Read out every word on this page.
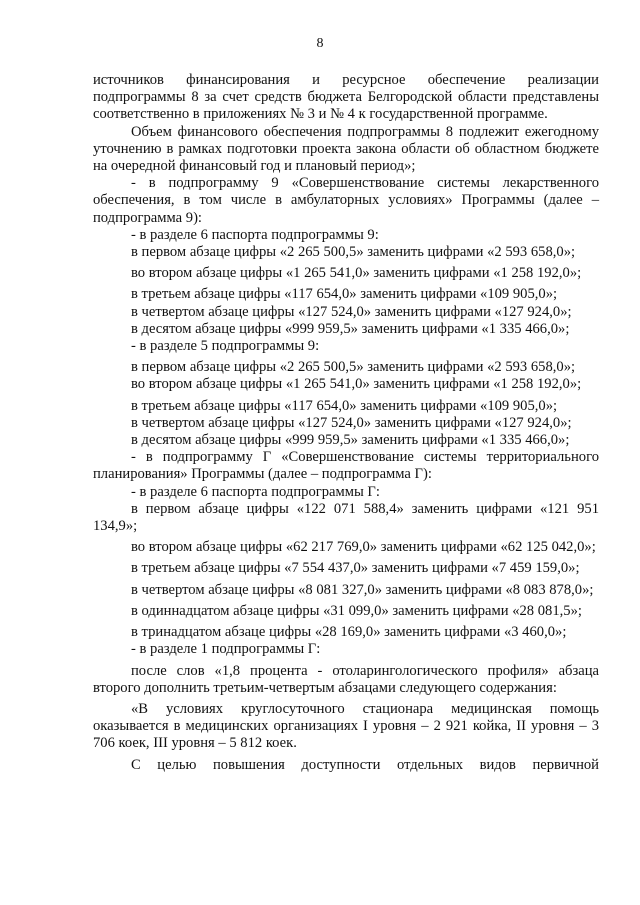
8

источников финансирования и ресурсное обеспечение реализации подпрограммы 8 за счет средств бюджета Белгородской области представлены соответственно в приложениях № 3 и № 4 к государственной программе.

Объем финансового обеспечения подпрограммы 8 подлежит ежегодному уточнению в рамках подготовки проекта закона области об областном бюджете на очередной финансовый год и плановый период»;

- в подпрограмму 9 «Совершенствование системы лекарственного обеспечения, в том числе в амбулаторных условиях» Программы (далее – подпрограмма 9):

- в разделе 6 паспорта подпрограммы 9:

в первом абзаце цифры «2 265 500,5» заменить цифрами «2 593 658,0»;

во втором абзаце цифры «1 265 541,0» заменить цифрами «1 258 192,0»;

в третьем абзаце цифры «117 654,0» заменить цифрами «109 905,0»;

в четвертом абзаце цифры «127 524,0» заменить цифрами «127 924,0»;

в десятом абзаце цифры «999 959,5» заменить цифрами «1 335 466,0»;

- в разделе 5 подпрограммы 9:

в первом абзаце цифры «2 265 500,5» заменить цифрами «2 593 658,0»;

во втором абзаце цифры «1 265 541,0» заменить цифрами «1 258 192,0»;

в третьем абзаце цифры «117 654,0» заменить цифрами «109 905,0»;

в четвертом абзаце цифры «127 524,0» заменить цифрами «127 924,0»;

в десятом абзаце цифры «999 959,5» заменить цифрами «1 335 466,0»;

- в подпрограмму Г «Совершенствование системы территориального планирования» Программы (далее – подпрограмма Г):

- в разделе 6 паспорта подпрограммы Г:

в первом абзаце цифры «122 071 588,4» заменить цифрами «121 951 134,9»;

во втором абзаце цифры «62 217 769,0» заменить цифрами «62 125 042,0»;

в третьем абзаце цифры «7 554 437,0» заменить цифрами «7 459 159,0»;

в четвертом абзаце цифры «8 081 327,0» заменить цифрами «8 083 878,0»;

в одиннадцатом абзаце цифры «31 099,0» заменить цифрами «28 081,5»;

в тринадцатом абзаце цифры «28 169,0» заменить цифрами «3 460,0»;

- в разделе 1 подпрограммы Г:

после слов «1,8 процента - отоларингологического профиля» абзаца второго дополнить третьим-четвертым абзацами следующего содержания:

«В условиях круглосуточного стационара медицинская помощь оказывается в медицинских организациях I уровня – 2 921 койка, II уровня – 3 706 коек, III уровня – 5 812 коек.

С целью повышения доступности отдельных видов первичной
